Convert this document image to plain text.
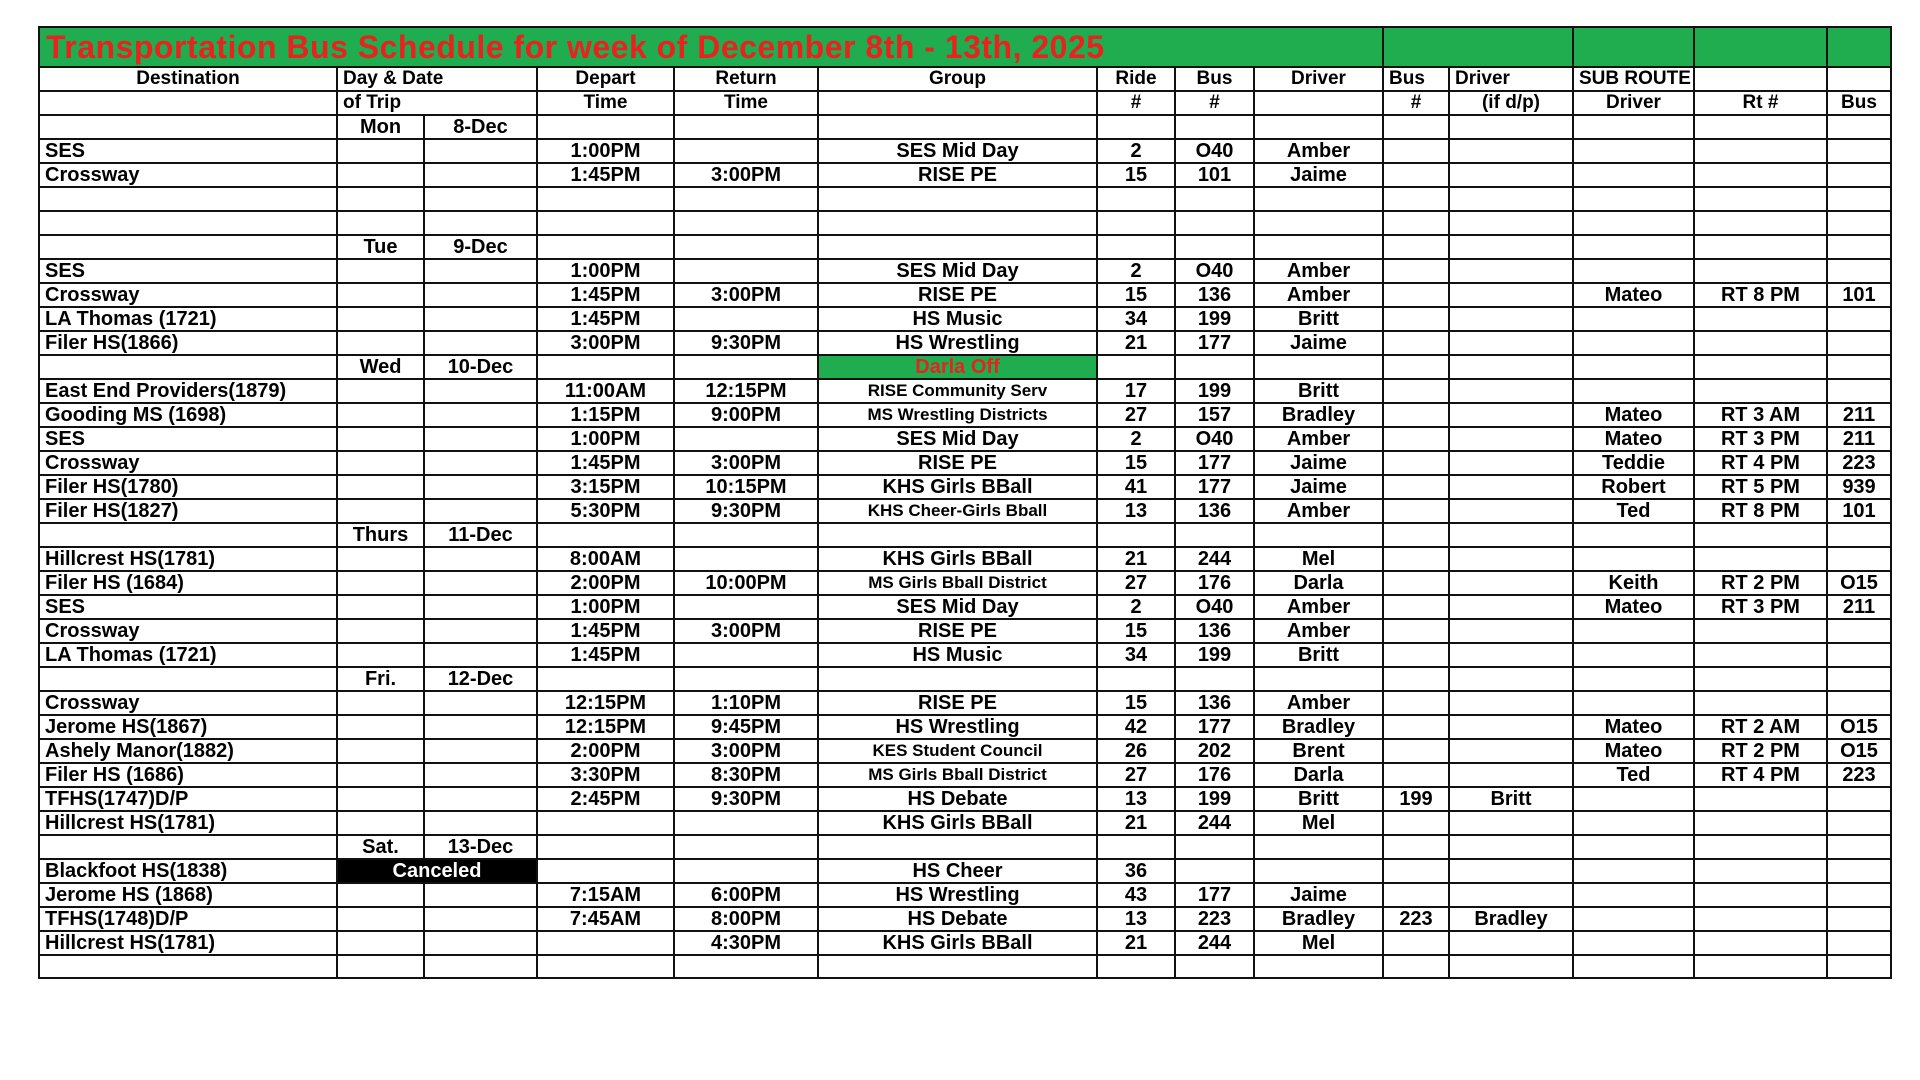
Transportation Bus Schedule for week of December 8th - 13th, 2025													
Destination	Day & Date		Depart	Return	Group	Ride	Bus	Driver	Bus	Driver	SUB ROUTE		
	of Trip		Time	Time		#	#		#	(if d/p)	Driver	Rt #	Bus
	Mon	8-Dec											
SES			1:00PM		SES Mid Day	2	O40	Amber					
Crossway			1:45PM	3:00PM	RISE PE	15	101	Jaime					

	Tue	9-Dec											
SES			1:00PM		SES Mid Day	2	O40	Amber					
Crossway			1:45PM	3:00PM	RISE PE	15	136	Amber			Mateo	RT 8 PM	101
LA Thomas (1721)			1:45PM		HS Music	34	199	Britt					
Filer HS(1866)			3:00PM	9:30PM	HS Wrestling	21	177	Jaime					
	Wed	10-Dec			Darla Off								
East End Providers(1879)			11:00AM	12:15PM	RISE Community Serv	17	199	Britt					
Gooding MS (1698)			1:15PM	9:00PM	MS Wrestling Districts	27	157	Bradley			Mateo	RT 3 AM	211
SES			1:00PM		SES Mid Day	2	O40	Amber			Mateo	RT 3 PM	211
Crossway			1:45PM	3:00PM	RISE PE	15	177	Jaime			Teddie	RT 4 PM	223
Filer HS(1780)			3:15PM	10:15PM	KHS Girls BBall	41	177	Jaime			Robert	RT 5 PM	939
Filer HS(1827)			5:30PM	9:30PM	KHS Cheer-Girls Bball	13	136	Amber			Ted	RT 8 PM	101
	Thurs	11-Dec											
Hillcrest HS(1781)			8:00AM		KHS Girls BBall	21	244	Mel					
Filer HS (1684)			2:00PM	10:00PM	MS Girls Bball District	27	176	Darla			Keith	RT 2 PM	O15
SES			1:00PM		SES Mid Day	2	O40	Amber			Mateo	RT 3 PM	211
Crossway			1:45PM	3:00PM	RISE PE	15	136	Amber					
LA Thomas (1721)			1:45PM		HS Music	34	199	Britt					
	Fri.	12-Dec											
Crossway			12:15PM	1:10PM	RISE PE	15	136	Amber					
Jerome HS(1867)			12:15PM	9:45PM	HS Wrestling	42	177	Bradley			Mateo	RT 2 AM	O15
Ashely Manor(1882)			2:00PM	3:00PM	KES Student Council	26	202	Brent			Mateo	RT 2 PM	O15
Filer HS (1686)			3:30PM	8:30PM	MS Girls Bball District	27	176	Darla			Ted	RT 4 PM	223
TFHS(1747)D/P			2:45PM	9:30PM	HS Debate	13	199	Britt	199	Britt			
Hillcrest HS(1781)					KHS Girls BBall	21	244	Mel					
	Sat.	13-Dec											
Blackfoot HS(1838)	Canceled				HS Cheer	36							
Jerome HS (1868)			7:15AM	6:00PM	HS Wrestling	43	177	Jaime					
TFHS(1748)D/P			7:45AM	8:00PM	HS Debate	13	223	Bradley	223	Bradley			
Hillcrest HS(1781)				4:30PM	KHS Girls BBall	21	244	Mel					
